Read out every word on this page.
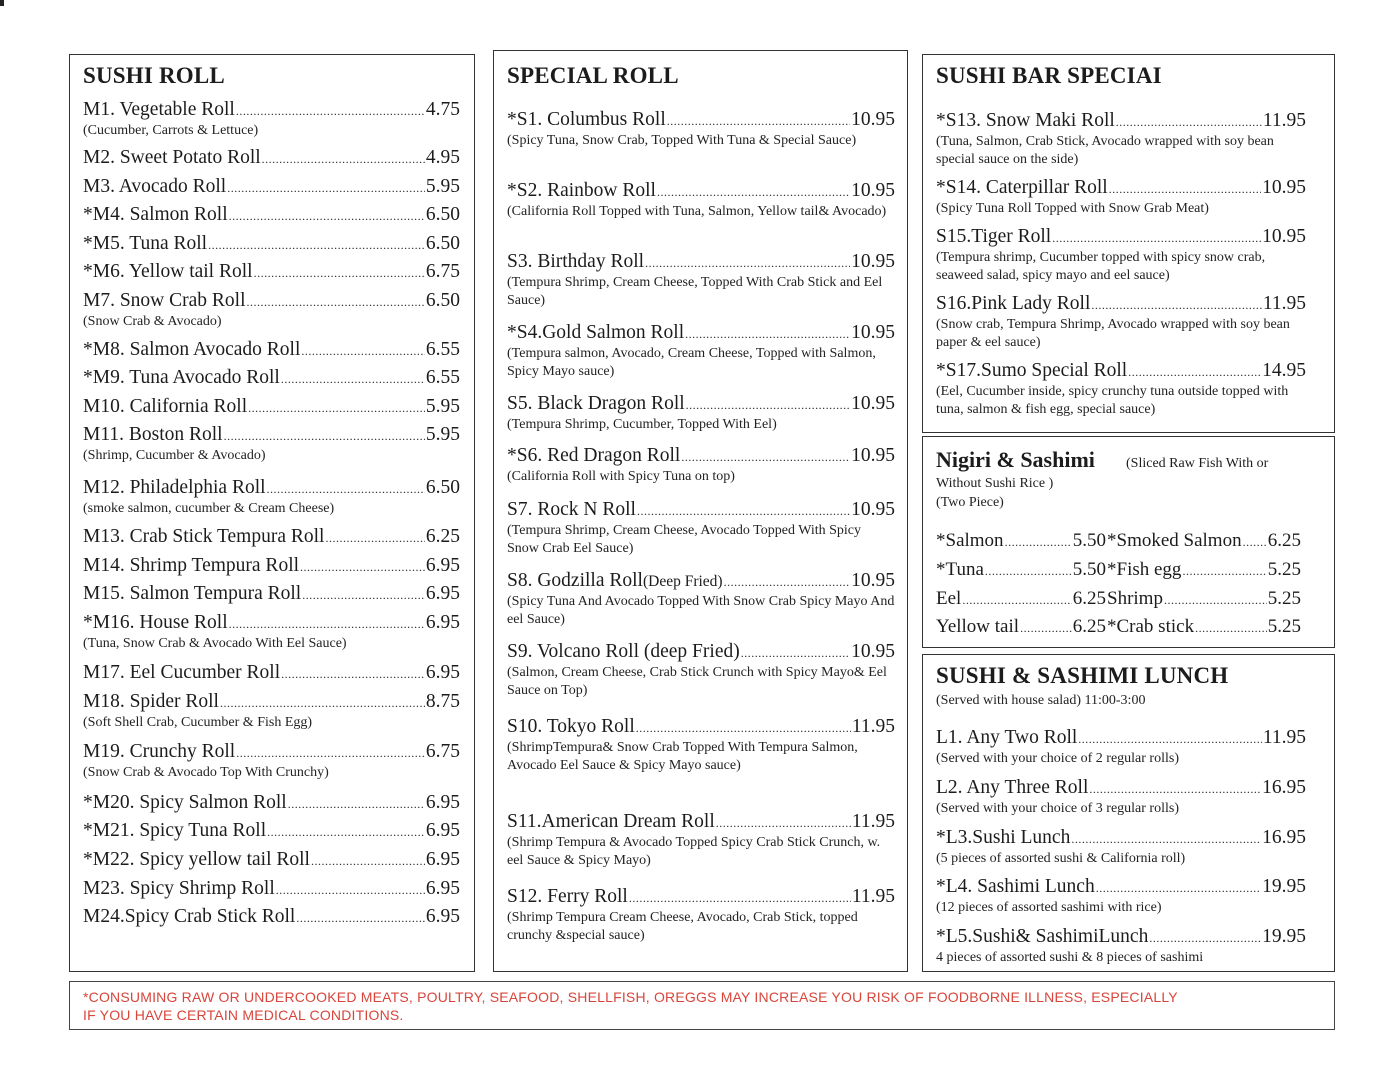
SUSHI ROLL
M1. Vegetable Roll .....	4.75
(Cucumber, Carrots & Lettuce)
M2. Sweet Potato Roll .....	4.95
M3. Avocado Roll .....	5.95
*M4. Salmon Roll .....	6.50
*M5. Tuna Roll .....	6.50
*M6. Yellow tail Roll .....	6.75
M7. Snow Crab Roll .....	6.50
(Snow Crab & Avocado)
*M8. Salmon Avocado Roll .....	6.55
*M9. Tuna Avocado Roll .....	6.55
M10. California Roll .....	5.95
M11. Boston Roll .....	5.95
(Shrimp, Cucumber & Avocado)
M12. Philadelphia Roll .....	6.50
(smoke salmon, cucumber & Cream Cheese)
M13. Crab Stick Tempura Roll .....	6.25
M14. Shrimp Tempura Roll .....	6.95
M15. Salmon Tempura Roll .....	6.95
*M16. House Roll .....	6.95
(Tuna, Snow Crab & Avocado With Eel Sauce)
M17. Eel Cucumber Roll .....	6.95
M18. Spider Roll .....	8.75
(Soft Shell Crab, Cucumber & Fish Egg)
M19. Crunchy Roll .....	6.75
(Snow Crab & Avocado Top With Crunchy)
*M20. Spicy Salmon Roll .....	6.95
*M21. Spicy Tuna Roll .....	6.95
*M22. Spicy yellow tail Roll .....	6.95
M23. Spicy Shrimp Roll .....	6.95
M24.Spicy Crab Stick Roll .....	6.95
SPECIAL ROLL
*S1. Columbus Roll .....	10.95
(Spicy Tuna, Snow Crab, Topped With Tuna & Special Sauce)
*S2. Rainbow Roll .....	10.95
(California Roll Topped with Tuna, Salmon, Yellow tail& Avocado)
S3. Birthday Roll .....	10.95
(Tempura Shrimp, Cream Cheese, Topped With Crab Stick and Eel Sauce)
*S4.Gold Salmon Roll .....	10.95
(Tempura salmon, Avocado, Cream Cheese, Topped with Salmon, Spicy Mayo sauce)
S5. Black Dragon Roll .....	10.95
(Tempura Shrimp, Cucumber, Topped With Eel)
*S6. Red Dragon Roll .....	10.95
(California Roll with Spicy Tuna on top)
S7. Rock N Roll .....	10.95
(Tempura Shrimp, Cream Cheese, Avocado Topped With Spicy Snow Crab Eel Sauce)
S8. Godzilla Roll (Deep Fried) .....	10.95
(Spicy Tuna And Avocado Topped With Snow Crab Spicy Mayo And eel Sauce)
S9. Volcano Roll (deep Fried) .....	10.95
(Salmon, Cream Cheese, Crab Stick Crunch with Spicy Mayo& Eel Sauce on Top)
S10. Tokyo Roll .....	11.95
(ShrimpTempura& Snow Crab Topped With Tempura Salmon, Avocado Eel Sauce & Spicy Mayo sauce)
S11.American Dream Roll .....	11.95
(Shrimp Tempura & Avocado Topped Spicy Crab Stick Crunch, w. eel Sauce & Spicy Mayo)
S12. Ferry Roll .....	11.95
(Shrimp Tempura Cream Cheese, Avocado, Crab Stick, topped crunchy &special sauce)
SUSHI BAR SPECIAI
*S13. Snow Maki Roll .....	11.95
(Tuna, Salmon, Crab Stick, Avocado wrapped with soy bean special sauce on the side)
*S14. Caterpillar Roll .....	10.95
(Spicy Tuna Roll Topped with Snow Grab Meat)
S15.Tiger Roll .....	10.95
(Tempura shrimp, Cucumber topped with spicy snow crab, seaweed salad, spicy mayo and eel sauce)
S16.Pink Lady Roll .....	11.95
(Snow crab, Tempura Shrimp, Avocado wrapped with soy bean paper & eel sauce)
*S17.Sumo Special Roll .....	14.95
(Eel, Cucumber inside, spicy crunchy tuna outside topped with tuna, salmon & fish egg, special sauce)
Nigiri & Sashimi (Sliced Raw Fish With or
Without Sushi Rice )
(Two Piece)
*Salmon .....	5.50 *Smoked Salmon ..... 6.25
*Tuna .....	5.50 *Fish egg .....	5.25
Eel .....	6.25 Shrimp .....	5.25
Yellow tail .....	6.25 *Crab stick .....	5.25
SUSHI & SASHIMI LUNCH
(Served with house salad) 11:00-3:00
L1. Any Two Roll .....	11.95
(Served with your choice of 2 regular rolls)
L2. Any Three Roll .....	16.95
(Served with your choice of 3 regular rolls)
*L3.Sushi Lunch .....	16.95
(5 pieces of assorted sushi & California roll)
*L4. Sashimi Lunch .....	19.95
(12 pieces of assorted sashimi with rice)
*L5.Sushi& SashimiLunch .....	19.95
4 pieces of assorted sushi & 8 pieces of sashimi
*CONSUMING RAW OR UNDERCOOKED MEATS, POULTRY, SEAFOOD, SHELLFISH, OREGGS MAY INCREASE YOU RISK OF FOODBORNE ILLNESS, ESPECIALLY
IF YOU HAVE CERTAIN MEDICAL CONDITIONS.
